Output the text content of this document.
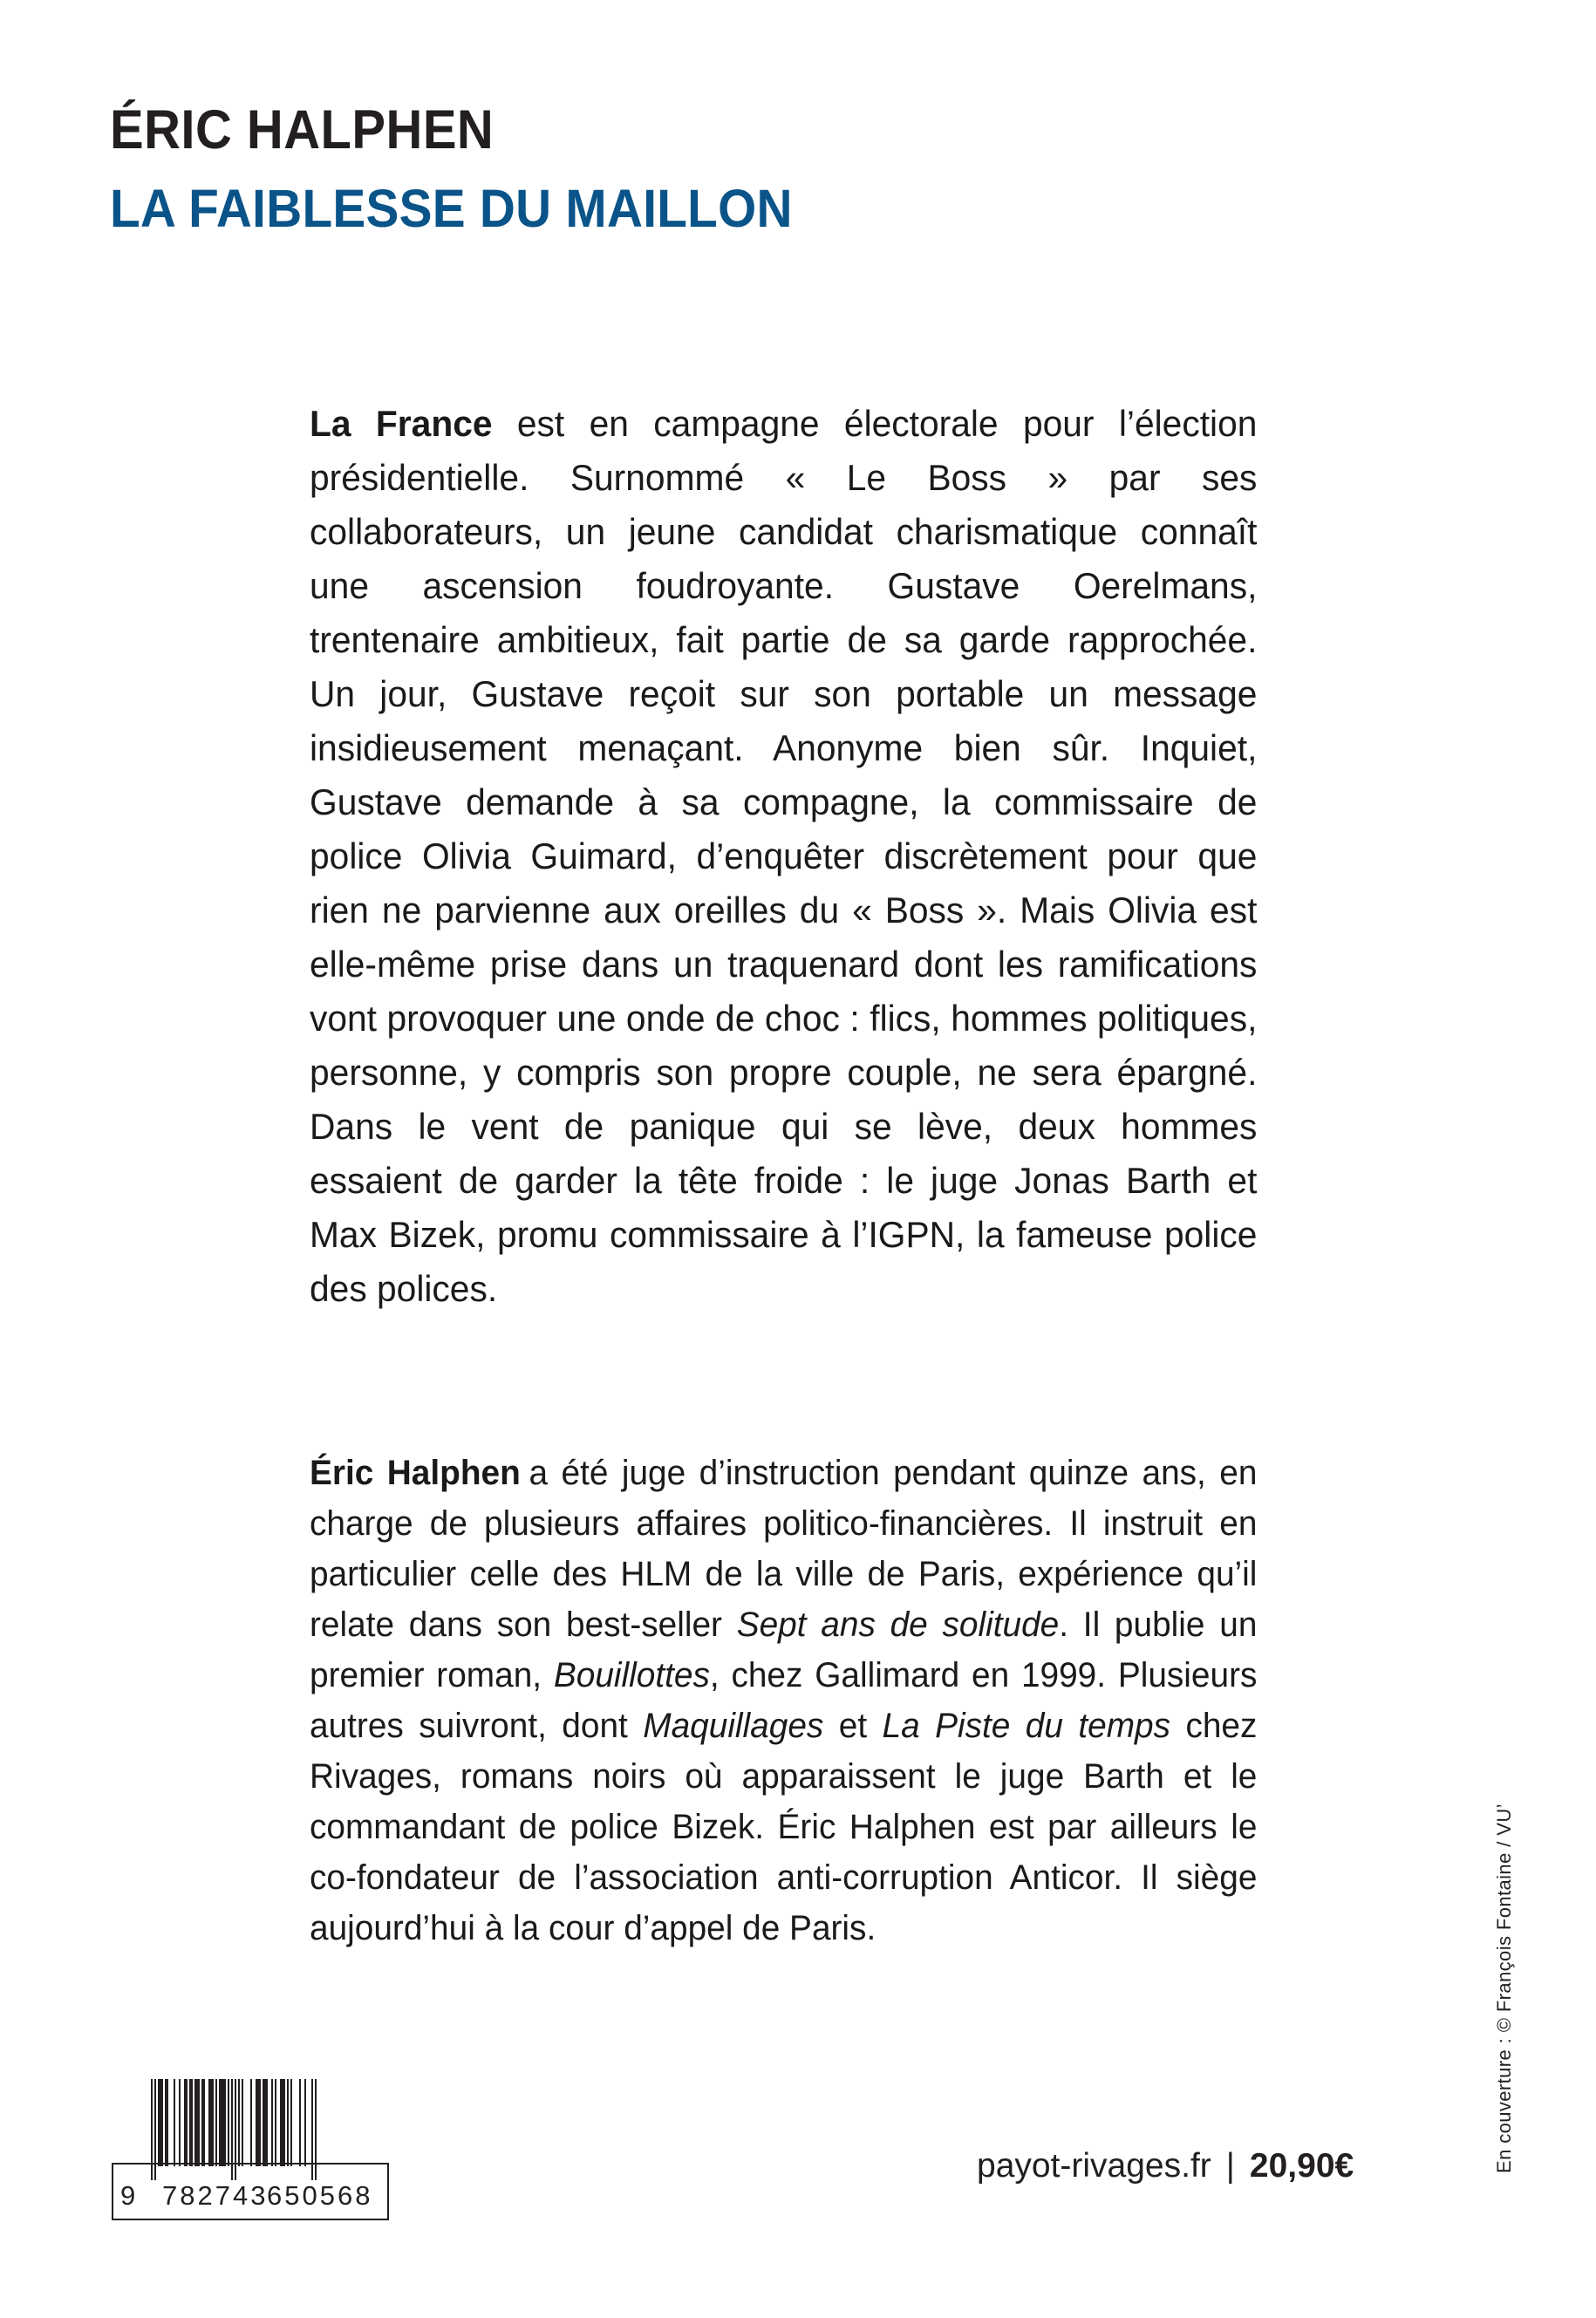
ÉRIC HALPHEN
LA FAIBLESSE DU MAILLON
La France est en campagne électorale pour l’élection présidentielle. Surnommé « Le Boss » par ses collaborateurs, un jeune candidat charismatique connaît une ascension foudroyante. Gustave Oerelmans, trentenaire ambitieux, fait partie de sa garde rapprochée. Un jour, Gustave reçoit sur son portable un message insidieusement menaçant. Anonyme bien sûr. Inquiet, Gustave demande à sa compagne, la commissaire de police Olivia Guimard, d’enquêter discrètement pour que rien ne parvienne aux oreilles du « Boss ». Mais Olivia est elle-même prise dans un traquenard dont les ramifications vont provoquer une onde de choc : flics, hommes politiques, personne, y compris son propre couple, ne sera épargné. Dans le vent de panique qui se lève, deux hommes essaient de garder la tête froide : le juge Jonas Barth et Max Bizek, promu commissaire à l’IGPN, la fameuse police des polices.
Éric Halphen a été juge d’instruction pendant quinze ans, en charge de plusieurs affaires politico-financières. Il instruit en particulier celle des HLM de la ville de Paris, expérience qu’il relate dans son best-seller Sept ans de solitude. Il publie un premier roman, Bouillottes, chez Gallimard en 1999. Plusieurs autres suivront, dont Maquillages et La Piste du temps chez Rivages, romans noirs où apparaissent le juge Barth et le commandant de police Bizek. Éric Halphen est par ailleurs le co-fondateur de l’association anti-corruption Anticor. Il siège aujourd’hui à la cour d’appel de Paris.
9 782743
650568
payot-rivages.fr | 20,90€	En couverture : © François Fontaine / VU’
